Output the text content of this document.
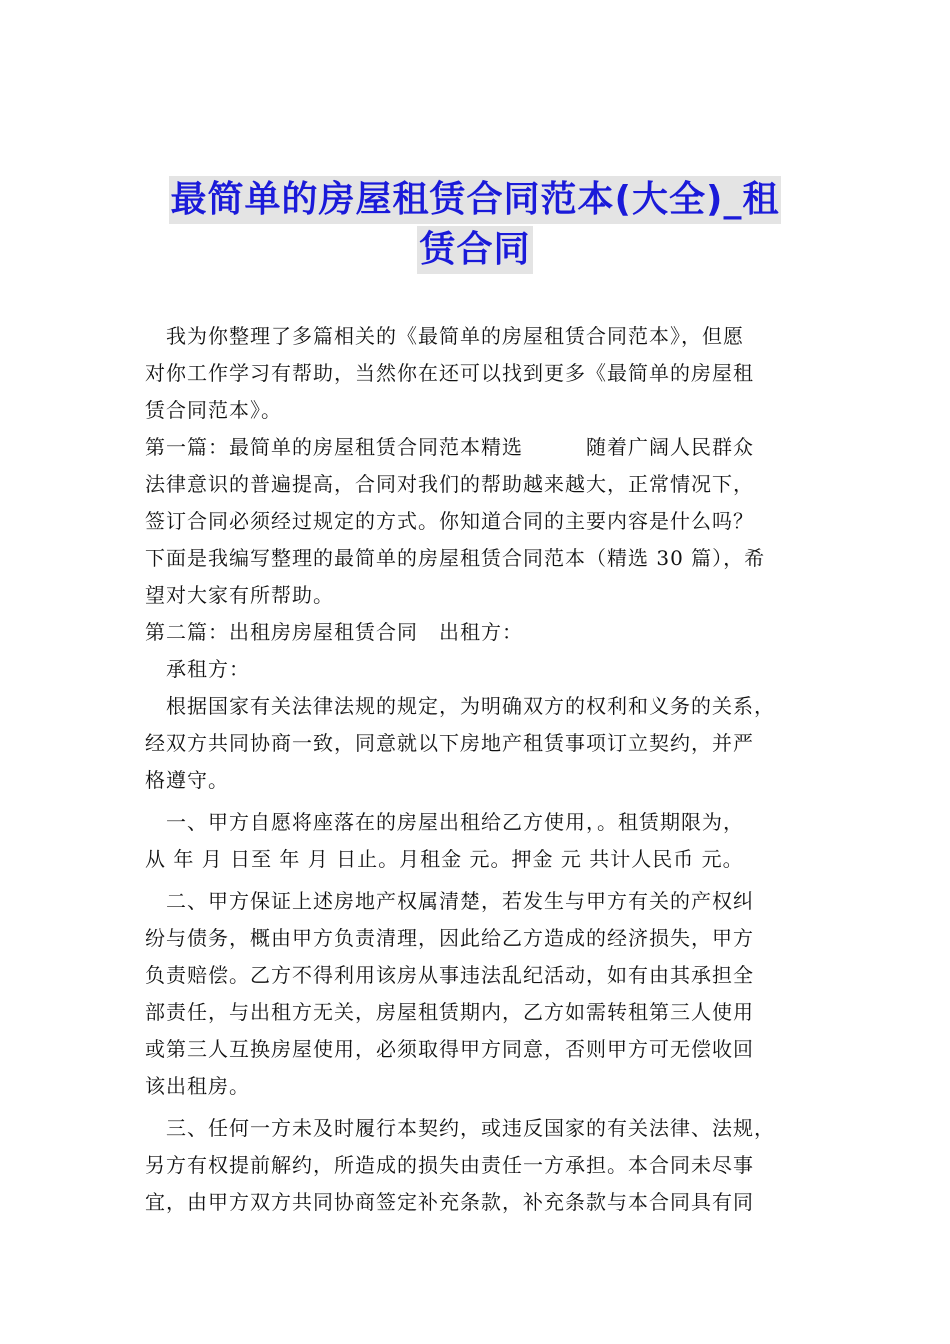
最简单的房屋租赁合同范本(大全)_租
赁合同
　我为你整理了多篇相关的《最简单的房屋租赁合同范本》，但愿
对你工作学习有帮助，当然你在还可以找到更多《最简单的房屋租
赁合同范本》。
第一篇：最简单的房屋租赁合同范本精选　　　随着广阔人民群众
法律意识的普遍提高，合同对我们的帮助越来越大，正常情况下，
签订合同必须经过规定的方式。你知道合同的主要内容是什么吗？
下面是我编写整理的最简单的房屋租赁合同范本（精选 30 篇），希
望对大家有所帮助。
第二篇：出租房房屋租赁合同　出租方：
　承租方：
　根据国家有关法律法规的规定，为明确双方的权利和义务的关系，
经双方共同协商一致，同意就以下房地产租赁事项订立契约，并严
格遵守。
　一、甲方自愿将座落在的房屋出租给乙方使用，。租赁期限为，
从 年 月 日至 年 月 日止。月租金 元。押金 元 共计人民币 元。
　二、甲方保证上述房地产权属清楚，若发生与甲方有关的产权纠
纷与债务，概由甲方负责清理，因此给乙方造成的经济损失，甲方
负责赔偿。乙方不得利用该房从事违法乱纪活动，如有由其承担全
部责任，与出租方无关，房屋租赁期内，乙方如需转租第三人使用
或第三人互换房屋使用，必须取得甲方同意，否则甲方可无偿收回
该出租房。
　三、任何一方未及时履行本契约，或违反国家的有关法律、法规，
另方有权提前解约，所造成的损失由责任一方承担。本合同未尽事
宜，由甲方双方共同协商签定补充条款，补充条款与本合同具有同
